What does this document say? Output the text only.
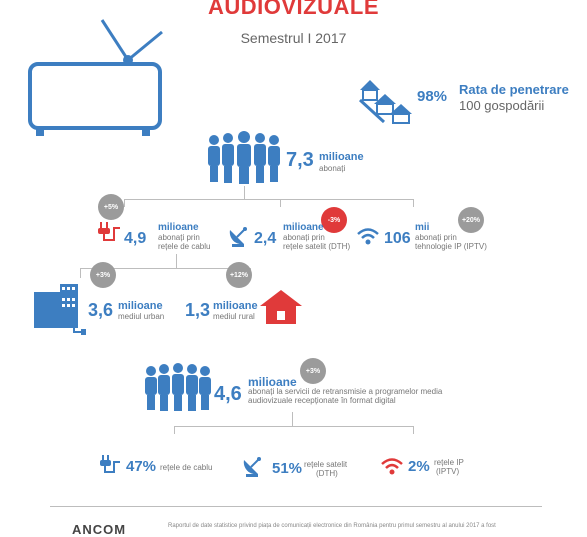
AUDIOVIZUALE
Semestrul I 2017
98% Rata de penetrare
100 gospodării
7,3 milioane
abonați
+5%
4,9
milioane
abonați prin
rețele de cablu
-3%
2,4
milioane
abonați prin
rețele satelit (DTH)
+20%
106
mii
abonați prin
tehnologie IP (IPTV)
+3%
3,6 milioane
mediul urban
+12%
1,3 milioane
mediul rural
+3%
4,6
milioane
abonați la servicii de retransmisie a programelor media
audiovizuale recepționate în format digital
47% rețele de cablu	51% rețele satelit
(DTH)	2% rețele IP
(IPTV)
ANCOM	Raportul de date statistice privind piața de comunicații electronice din România pentru primul semestru al anului 2017 a fost
